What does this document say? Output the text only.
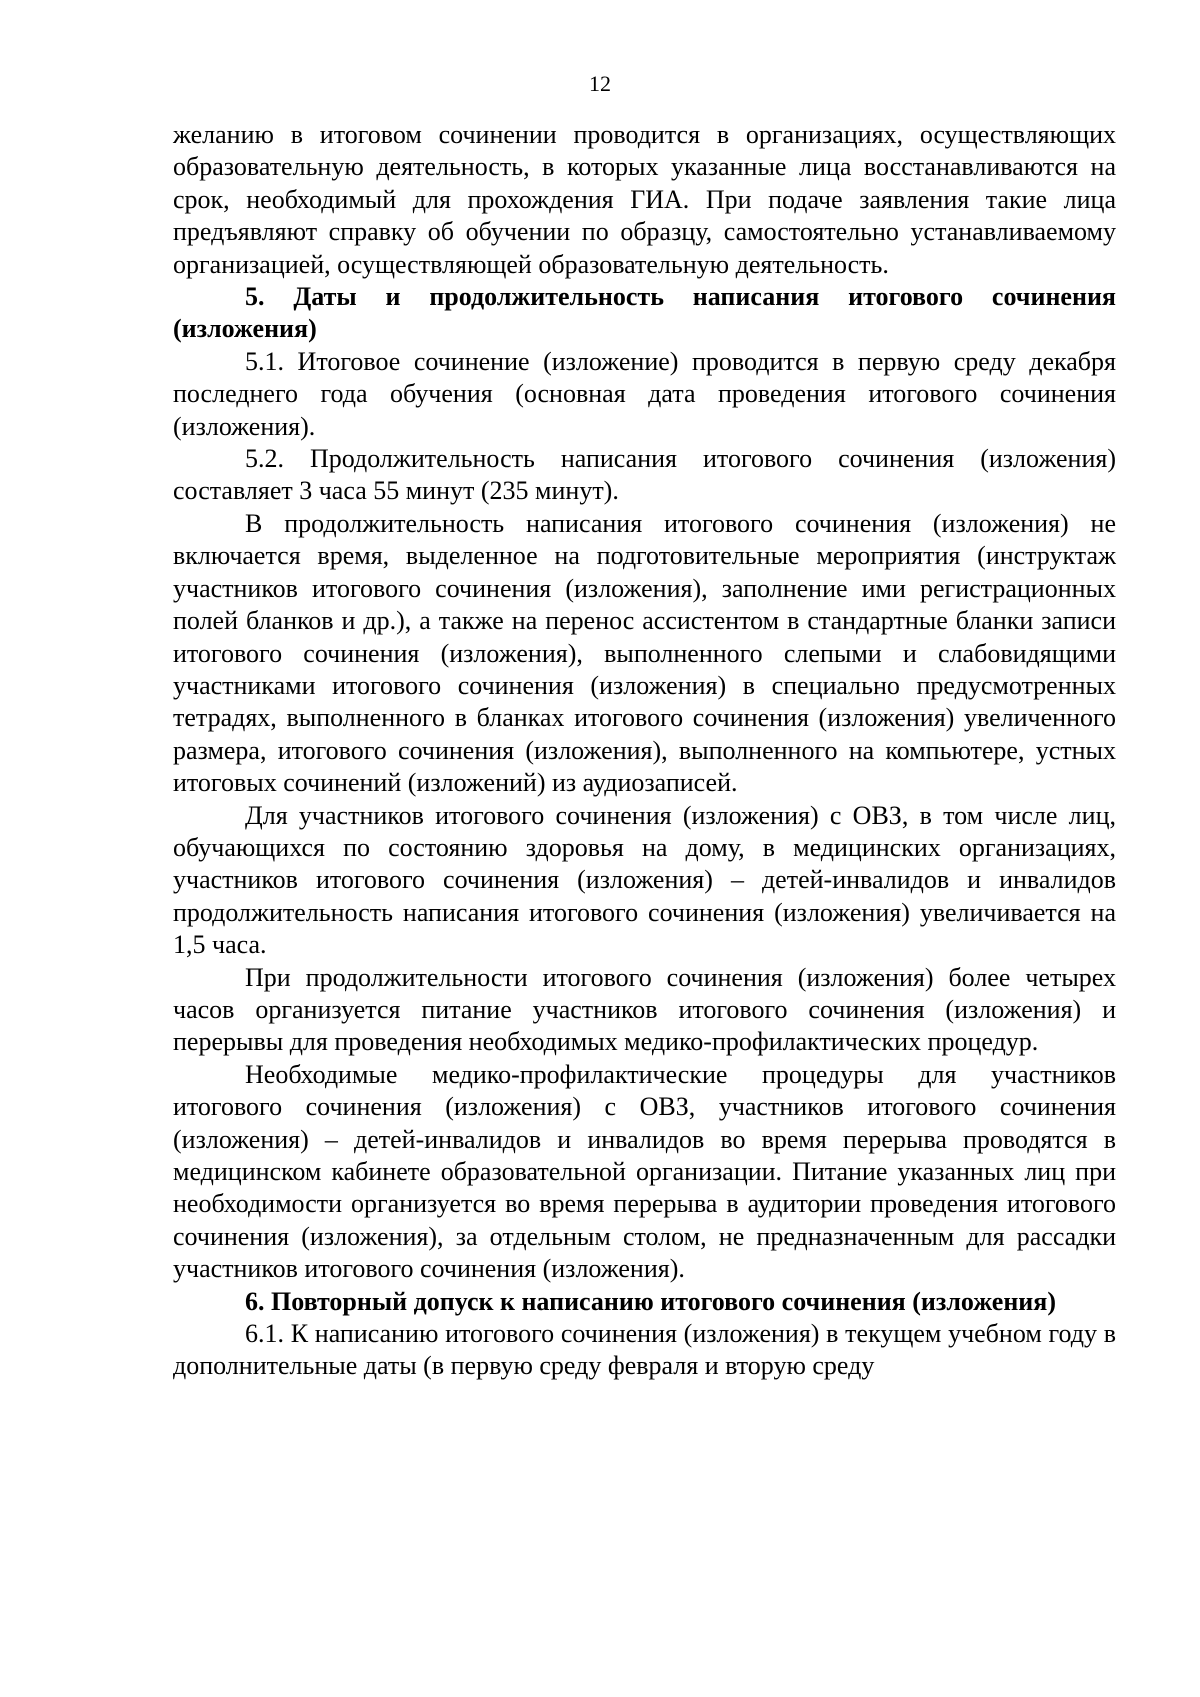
12

желанию в итоговом сочинении проводится в организациях, осуществляющих образовательную деятельность, в которых указанные лица восстанавливаются на срок, необходимый для прохождения ГИА. При подаче заявления такие лица предъявляют справку об обучении по образцу, самостоятельно устанавливаемому организацией, осуществляющей образовательную деятельность.

5. Даты и продолжительность написания итогового сочинения (изложения)

5.1. Итоговое сочинение (изложение) проводится в первую среду декабря последнего года обучения (основная дата проведения итогового сочинения (изложения).

5.2. Продолжительность написания итогового сочинения (изложения) составляет 3 часа 55 минут (235 минут).

В продолжительность написания итогового сочинения (изложения) не включается время, выделенное на подготовительные мероприятия (инструктаж участников итогового сочинения (изложения), заполнение ими регистрационных полей бланков и др.), а также на перенос ассистентом в стандартные бланки записи итогового сочинения (изложения), выполненного слепыми и слабовидящими участниками итогового сочинения (изложения) в специально предусмотренных тетрадях, выполненного в бланках итогового сочинения (изложения) увеличенного размера, итогового сочинения (изложения), выполненного на компьютере, устных итоговых сочинений (изложений) из аудиозаписей.

Для участников итогового сочинения (изложения) с ОВЗ, в том числе лиц, обучающихся по состоянию здоровья на дому, в медицинских организациях, участников итогового сочинения (изложения) – детей-инвалидов и инвалидов продолжительность написания итогового сочинения (изложения) увеличивается на 1,5 часа.

При продолжительности итогового сочинения (изложения) более четырех часов организуется питание участников итогового сочинения (изложения) и перерывы для проведения необходимых медико-профилактических процедур.

Необходимые медико-профилактические процедуры для участников итогового сочинения (изложения) с ОВЗ, участников итогового сочинения (изложения) – детей-инвалидов и инвалидов во время перерыва проводятся в медицинском кабинете образовательной организации. Питание указанных лиц при необходимости организуется во время перерыва в аудитории проведения итогового сочинения (изложения), за отдельным столом, не предназначенным для рассадки участников итогового сочинения (изложения).

6. Повторный допуск к написанию итогового сочинения (изложения)

6.1. К написанию итогового сочинения (изложения) в текущем учебном году в дополнительные даты (в первую среду февраля и вторую среду
